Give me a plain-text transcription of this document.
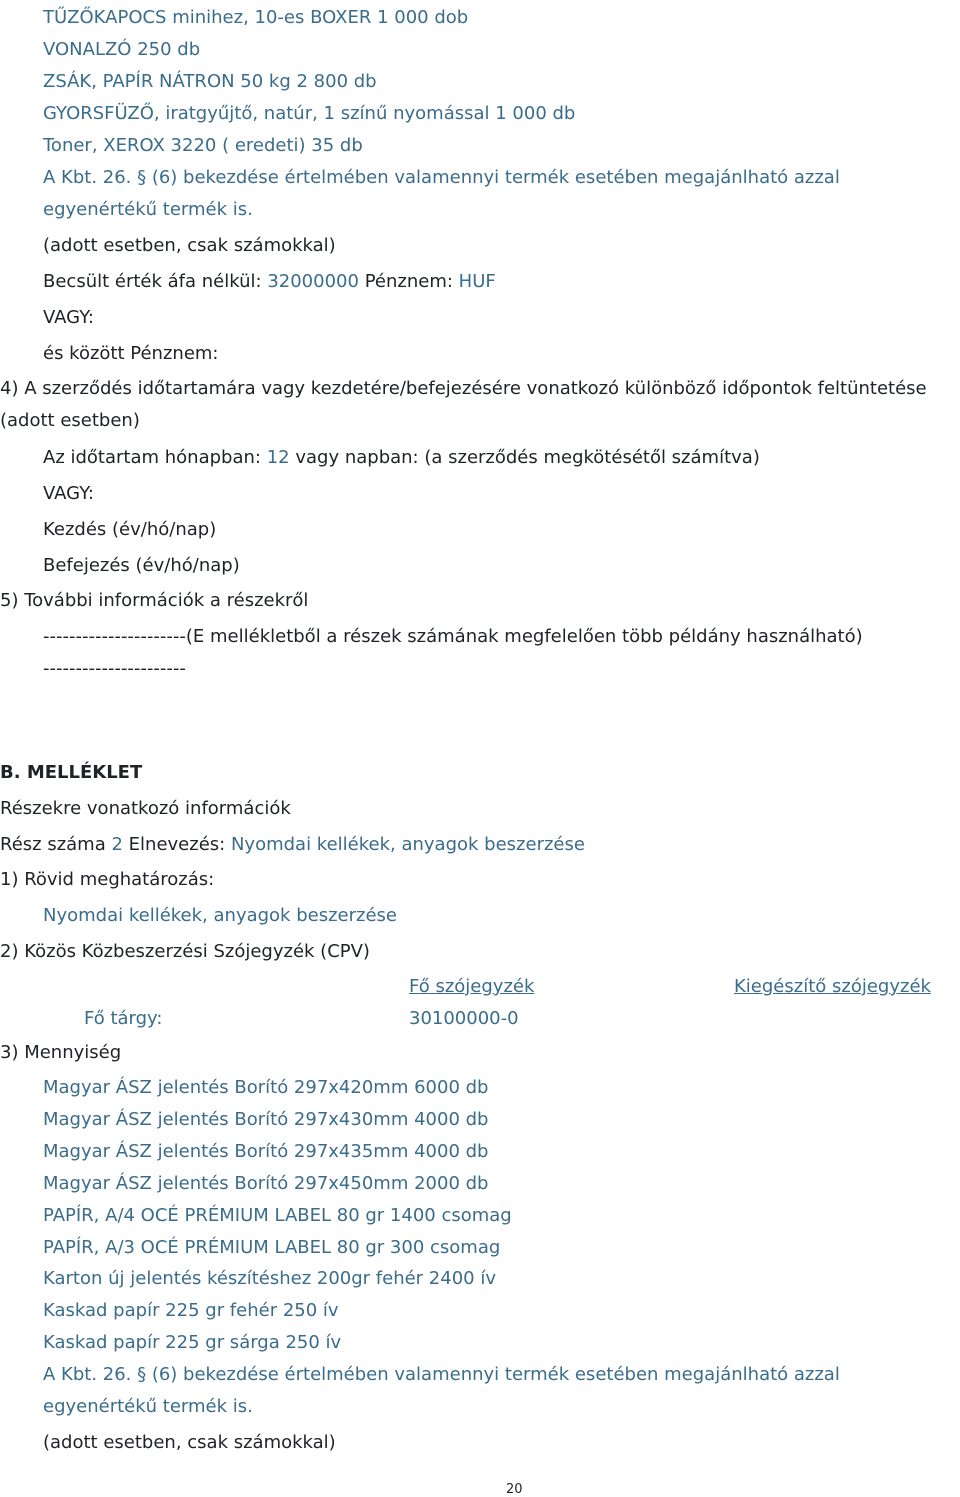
TŰZŐKAPOCS minihez, 10-es BOXER 1 000 dob
VONALZÓ 250 db
ZSÁK, PAPÍR NÁTRON 50 kg 2 800 db
GYORSFÜZŐ, iratgyűjtő, natúr, 1 színű nyomással 1 000 db
Toner, XEROX 3220 ( eredeti) 35 db
A Kbt. 26. § (6) bekezdése értelmében valamennyi termék esetében megajánlható azzal
egyenértékű termék is.
(adott esetben, csak számokkal)
Becsült érték áfa nélkül: 32000000 Pénznem: HUF
VAGY:
és között Pénznem:
4) A szerződés időtartamára vagy kezdetére/befejezésére vonatkozó különböző időpontok feltüntetése
(adott esetben)
Az időtartam hónapban: 12 vagy napban: (a szerződés megkötésétől számítva)
VAGY:
Kezdés (év/hó/nap)
Befejezés (év/hó/nap)
5) További információk a részekről
----------------------(E mellékletből a részek számának megfelelően több példány használható)
----------------------
B. MELLÉKLET
Részekre vonatkozó információk
Rész száma 2 Elnevezés: Nyomdai kellékek, anyagok beszerzése
1) Rövid meghatározás:
Nyomdai kellékek, anyagok beszerzése
2) Közös Közbeszerzési Szójegyzék (CPV)
Fő szójegyzék	Kiegészítő szójegyzék
Fő tárgy:	30100000-0
3) Mennyiség
Magyar ÁSZ jelentés Borító 297x420mm 6000 db
Magyar ÁSZ jelentés Borító 297x430mm 4000 db
Magyar ÁSZ jelentés Borító 297x435mm 4000 db
Magyar ÁSZ jelentés Borító 297x450mm 2000 db
PAPÍR, A/4 OCÉ PRÉMIUM LABEL 80 gr 1400 csomag
PAPÍR, A/3 OCÉ PRÉMIUM LABEL 80 gr 300 csomag
Karton új jelentés készítéshez 200gr fehér 2400 ív
Kaskad papír 225 gr fehér 250 ív
Kaskad papír 225 gr sárga 250 ív
A Kbt. 26. § (6) bekezdése értelmében valamennyi termék esetében megajánlható azzal
egyenértékű termék is.
(adott esetben, csak számokkal)
20
